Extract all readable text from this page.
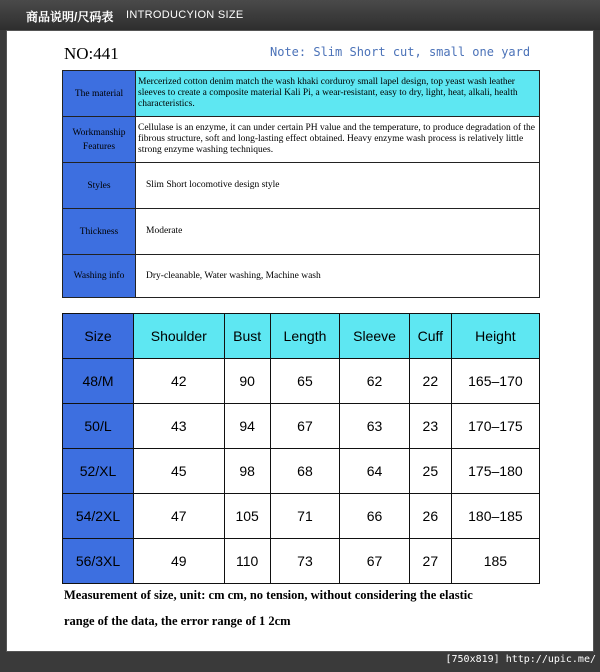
商品说明/尺码表 INTRODUCYION SIZE
NO:441	Note: Slim Short cut, small one yard
The material	Mercerized cotton denim match the wash khaki corduroy small lapel design, top yeast wash leather sleeves to create a composite material Kali Pi, a wear-resistant, easy to dry, light, heat, alkali, health characteristics.
Workmanship Features	Cellulase is an enzyme, it can under certain PH value and the temperature, to produce degradation of the fibrous structure, soft and long-lasting effect obtained. Heavy enzyme wash process is relatively little strong enzyme washing techniques.
Styles	Slim Short locomotive design style
Thickness	Moderate
Washing info	Dry-cleanable, Water washing, Machine wash
Size	Shoulder	Bust	Length	Sleeve	Cuff	Height
48/M	42	90	65	62	22	165–170
50/L	43	94	67	63	23	170–175
52/XL	45	98	68	64	25	175–180
54/2XL	47	105	71	66	26	180–185
56/3XL	49	110	73	67	27	185
Measurement of size, unit: cm cm, no tension, without considering the elastic
range of the data, the error range of 1 2cm
[750x819] http://upic.me/
